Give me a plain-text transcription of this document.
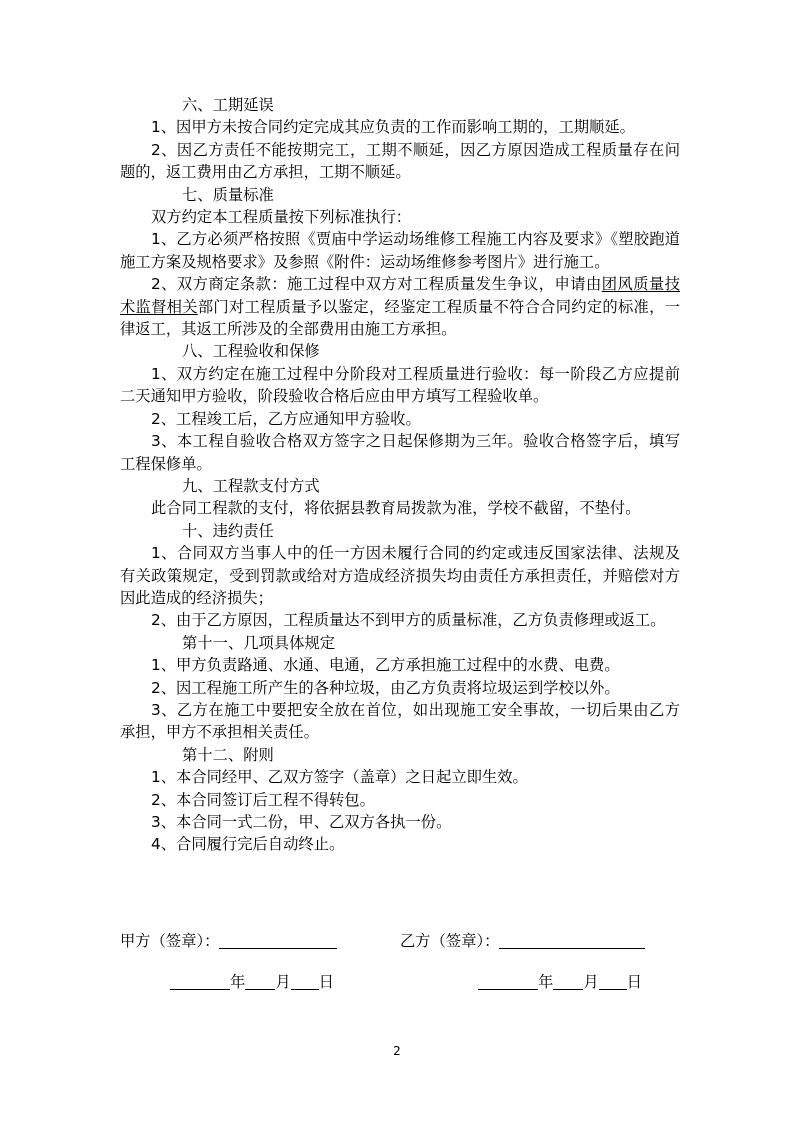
六、工期延误

1、因甲方未按合同约定完成其应负责的工作而影响工期的，工期顺延。

2、因乙方责任不能按期完工，工期不顺延，因乙方原因造成工程质量存在问题的，返工费用由乙方承担，工期不顺延。

七、质量标准

双方约定本工程质量按下列标准执行：

1、乙方必须严格按照《贾庙中学运动场维修工程施工内容及要求》《塑胶跑道施工方案及规格要求》及参照《附件：运动场维修参考图片》进行施工。

2、双方商定条款：施工过程中双方对工程质量发生争议，申请由团风质量技术监督相关部门对工程质量予以鉴定，经鉴定工程质量不符合合同约定的标准，一律返工，其返工所涉及的全部费用由施工方承担。

八、工程验收和保修

1、双方约定在施工过程中分阶段对工程质量进行验收：每一阶段乙方应提前二天通知甲方验收，阶段验收合格后应由甲方填写工程验收单。

2、工程竣工后，乙方应通知甲方验收。

3、本工程自验收合格双方签字之日起保修期为三年。验收合格签字后，填写工程保修单。

九、工程款支付方式

此合同工程款的支付，将依据县教育局拨款为准，学校不截留，不垫付。

十、违约责任

1、合同双方当事人中的任一方因未履行合同的约定或违反国家法律、法规及有关政策规定，受到罚款或给对方造成经济损失均由责任方承担责任，并赔偿对方因此造成的经济损失；

2、由于乙方原因，工程质量达不到甲方的质量标准，乙方负责修理或返工。

第十一、几项具体规定

1、甲方负责路通、水通、电通，乙方承担施工过程中的水费、电费。

2、因工程施工所产生的各种垃圾，由乙方负责将垃圾运到学校以外。

3、乙方在施工中要把安全放在首位，如出现施工安全事故，一切后果由乙方承担，甲方不承担相关责任。

第十二、附则

1、本合同经甲、乙双方签字（盖章）之日起立即生效。

2、本合同签订后工程不得转包。

3、本合同一式二份，甲、乙双方各执一份。

4、合同履行完后自动终止。

甲方（签章）：	乙方（签章）：
年 月 日	年 月 日
2
